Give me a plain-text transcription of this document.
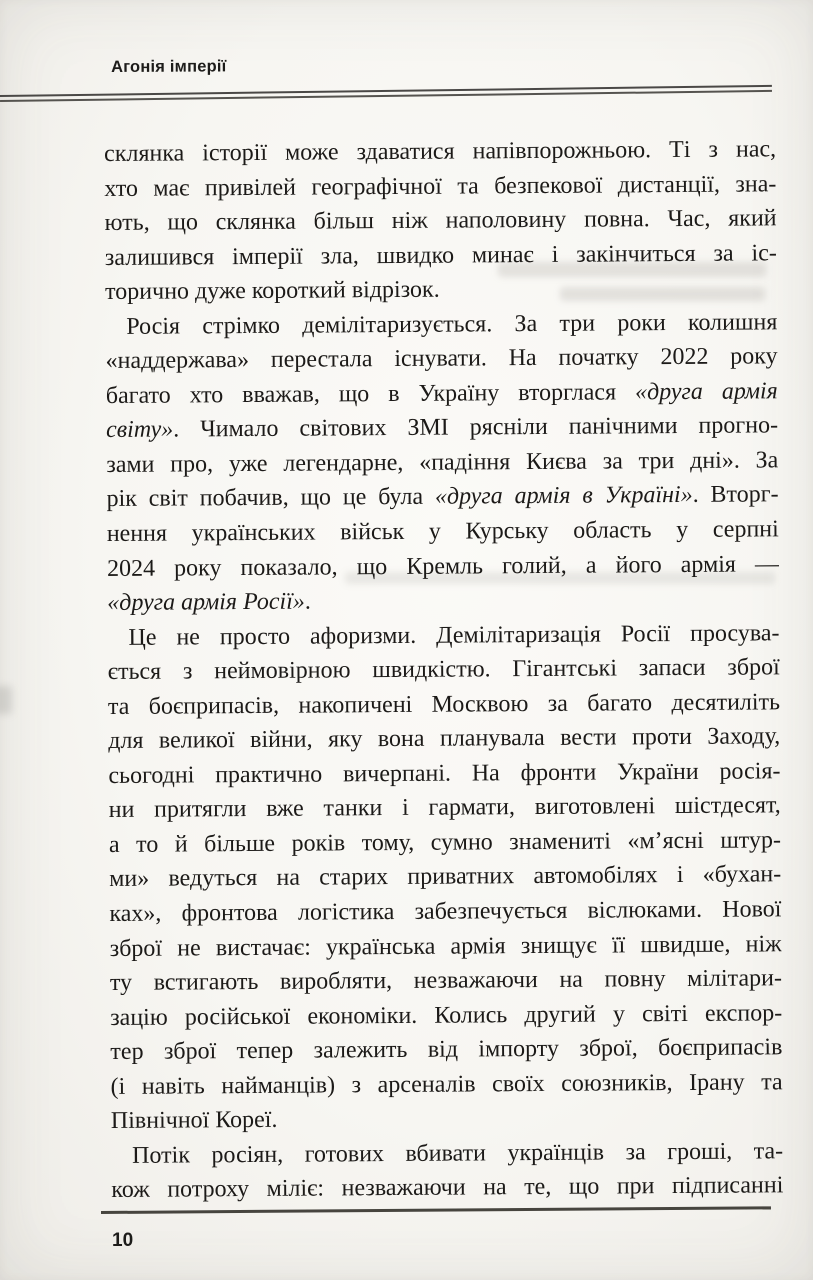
Агонія імперії
склянка історії може здаватися напівпорожньою. Ті з нас,
хто має привілей географічної та безпекової дистанції, зна-
ють, що склянка більш ніж наполовину повна. Час, який
залишився імперії зла, швидко минає і закінчиться за іс-
торично дуже короткий відрізок.
Росія стрімко демілітаризується. За три роки колишня
«наддержава» перестала існувати. На початку 2022 року
багато хто вважав, що в Україну вторглася «друга армія
світу». Чимало світових ЗМІ рясніли панічними прогно-
зами про, уже легендарне, «падіння Києва за три дні». За
рік світ побачив, що це була «друга армія в Україні». Вторг-
нення українських військ у Курську область у серпні
2024 року показало, що Кремль голий, а його армія —
«друга армія Росії».
Це не просто афоризми. Демілітаризація Росії просува-
ється з неймовірною швидкістю. Гігантські запаси зброї
та боєприпасів, накопичені Москвою за багато десятиліть
для великої війни, яку вона планувала вести проти Заходу,
сьогодні практично вичерпані. На фронти України росія-
ни притягли вже танки і гармати, виготовлені шістдесят,
а то й більше років тому, сумно знамениті «м’ясні штур-
ми» ведуться на старих приватних автомобілях і «бухан-
ках», фронтова логістика забезпечується віслюками. Нової
зброї не вистачає: українська армія знищує її швидше, ніж
ту встигають виробляти, незважаючи на повну мілітари-
зацію російської економіки. Колись другий у світі експор-
тер зброї тепер залежить від імпорту зброї, боєприпасів
(і навіть найманців) з арсеналів своїх союзників, Ірану та
Північної Кореї.
Потік росіян, готових вбивати українців за гроші, та-
кож потроху міліє: незважаючи на те, що при підписанні
10
